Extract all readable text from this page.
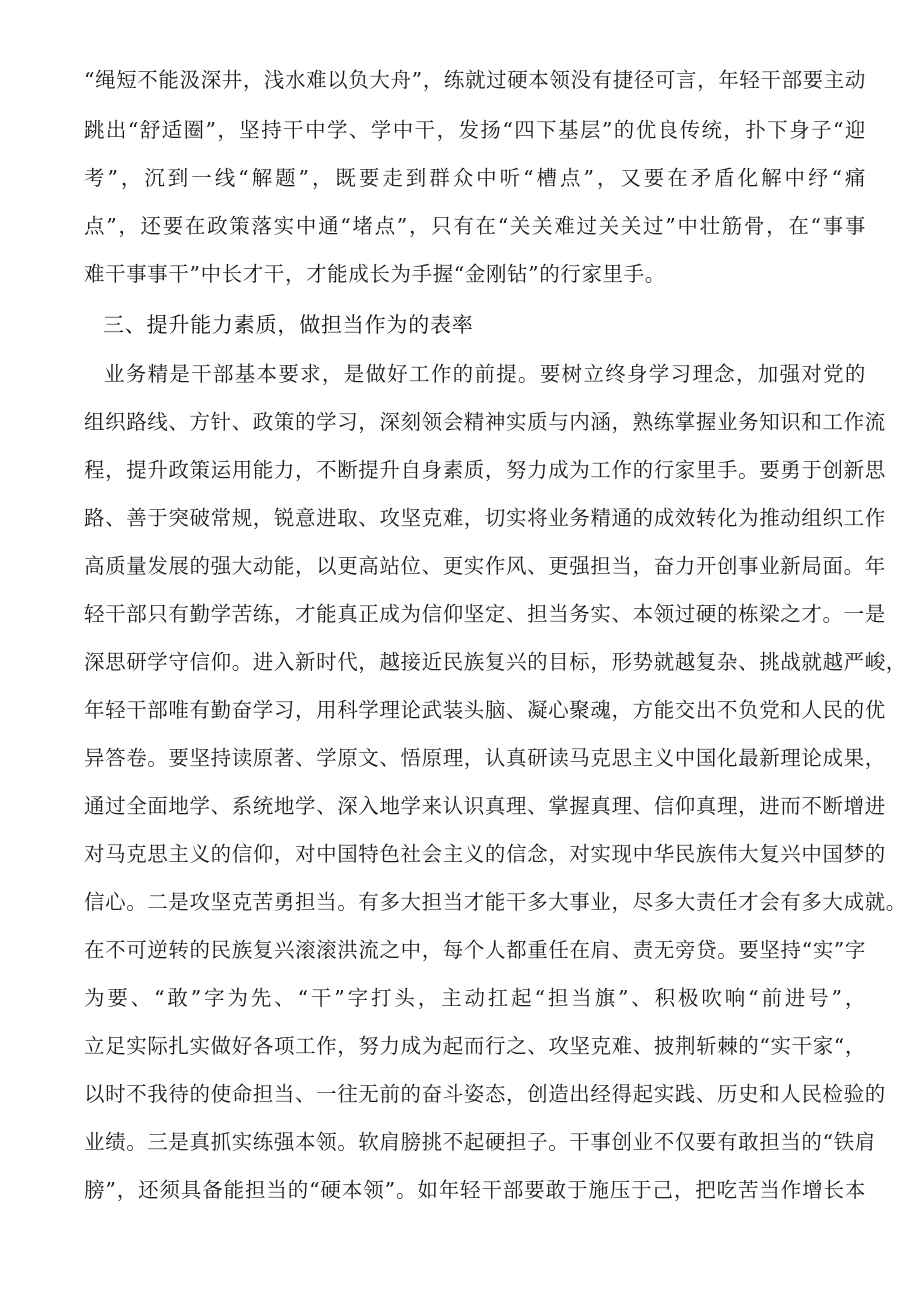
“绳短不能汲深井，浅水难以负大舟”，练就过硬本领没有捷径可言，年轻干部要主动
跳出“舒适圈”，坚持干中学、学中干，发扬“四下基层”的优良传统，扑下身子“迎
考”，沉到一线“解题”，既要走到群众中听“槽点”，又要在矛盾化解中纾“痛
点”，还要在政策落实中通“堵点”，只有在“关关难过关关过”中壮筋骨，在“事事
难干事事干”中长才干，才能成长为手握“金刚钻”的行家里手。
三、提升能力素质，做担当作为的表率
业务精是干部基本要求，是做好工作的前提。要树立终身学习理念，加强对党的
组织路线、方针、政策的学习，深刻领会精神实质与内涵，熟练掌握业务知识和工作流
程，提升政策运用能力，不断提升自身素质，努力成为工作的行家里手。要勇于创新思
路、善于突破常规，锐意进取、攻坚克难，切实将业务精通的成效转化为推动组织工作
高质量发展的强大动能，以更高站位、更实作风、更强担当，奋力开创事业新局面。年
轻干部只有勤学苦练，才能真正成为信仰坚定、担当务实、本领过硬的栋梁之才。一是
深思研学守信仰。进入新时代，越接近民族复兴的目标，形势就越复杂、挑战就越严峻，
年轻干部唯有勤奋学习，用科学理论武装头脑、凝心聚魂，方能交出不负党和人民的优
异答卷。要坚持读原著、学原文、悟原理，认真研读马克思主义中国化最新理论成果，
通过全面地学、系统地学、深入地学来认识真理、掌握真理、信仰真理，进而不断增进
对马克思主义的信仰，对中国特色社会主义的信念，对实现中华民族伟大复兴中国梦的
信心。二是攻坚克苦勇担当。有多大担当才能干多大事业，尽多大责任才会有多大成就。
在不可逆转的民族复兴滚滚洪流之中，每个人都重任在肩、责无旁贷。要坚持“实”字
为要、“敢”字为先、“干”字打头，主动扛起“担当旗”、积极吹响“前进号”，
立足实际扎实做好各项工作，努力成为起而行之、攻坚克难、披荆斩棘的“实干家“，
以时不我待的使命担当、一往无前的奋斗姿态，创造出经得起实践、历史和人民检验的
业绩。三是真抓实练强本领。软肩膀挑不起硬担子。干事创业不仅要有敢担当的“铁肩
膀”，还须具备能担当的“硬本领”。如年轻干部要敢于施压于己，把吃苦当作增长本
